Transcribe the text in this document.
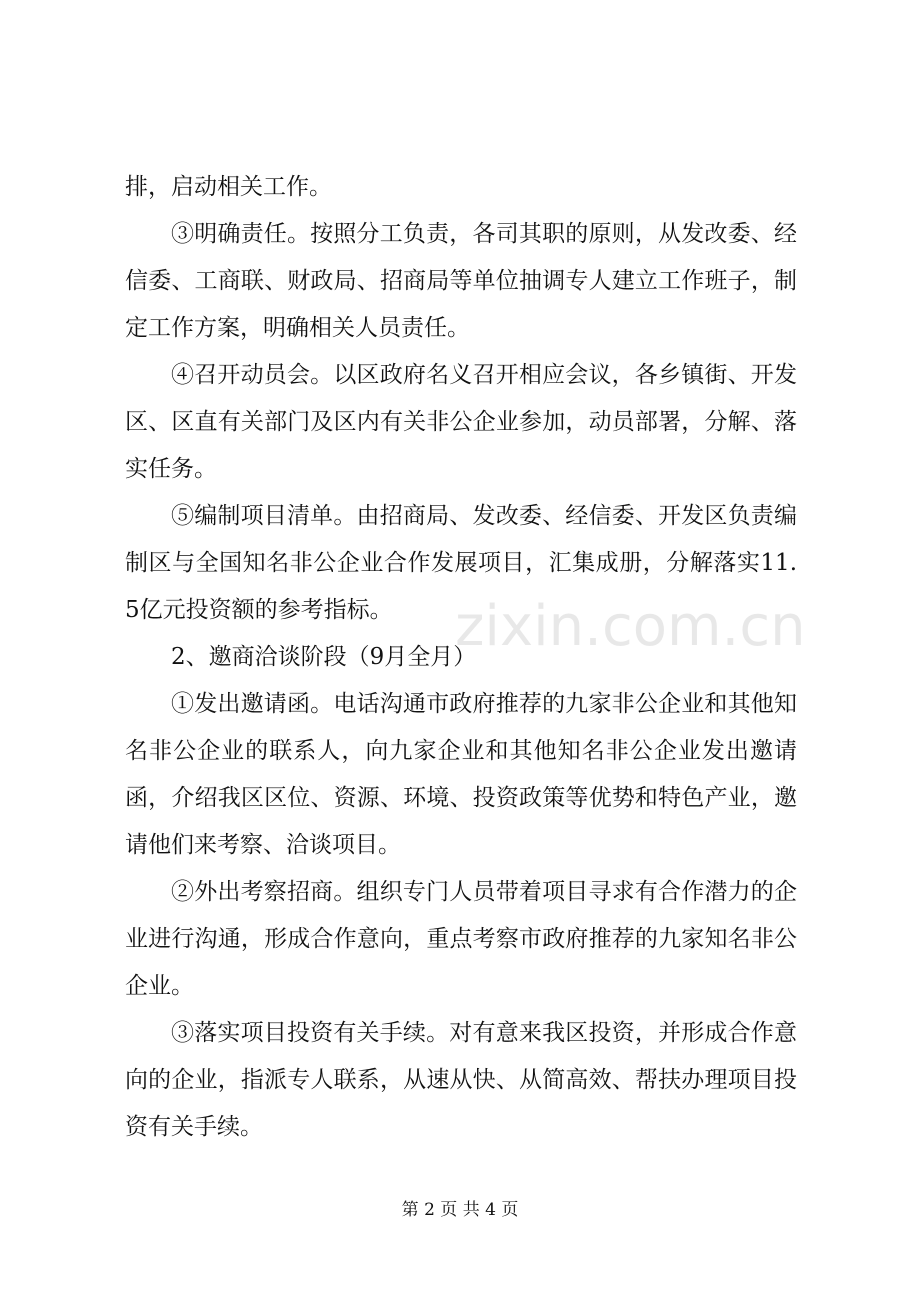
排，启动相关工作。

③明确责任。按照分工负责，各司其职的原则，从发改委、经信委、工商联、财政局、招商局等单位抽调专人建立工作班子，制定工作方案，明确相关人员责任。

④召开动员会。以区政府名义召开相应会议，各乡镇街、开发区、区直有关部门及区内有关非公企业参加，动员部署，分解、落实任务。

⑤编制项目清单。由招商局、发改委、经信委、开发区负责编制区与全国知名非公企业合作发展项目，汇集成册，分解落实11.5亿元投资额的参考指标。

2、邀商洽谈阶段（9月全月）

①发出邀请函。电话沟通市政府推荐的九家非公企业和其他知名非公企业的联系人，向九家企业和其他知名非公企业发出邀请函，介绍我区区位、资源、环境、投资政策等优势和特色产业，邀请他们来考察、洽谈项目。

②外出考察招商。组织专门人员带着项目寻求有合作潜力的企业进行沟通，形成合作意向，重点考察市政府推荐的九家知名非公企业。

③落实项目投资有关手续。对有意来我区投资，并形成合作意向的企业，指派专人联系，从速从快、从简高效、帮扶办理项目投资有关手续。

zixin.com.cn
第 2 页 共 4 页
